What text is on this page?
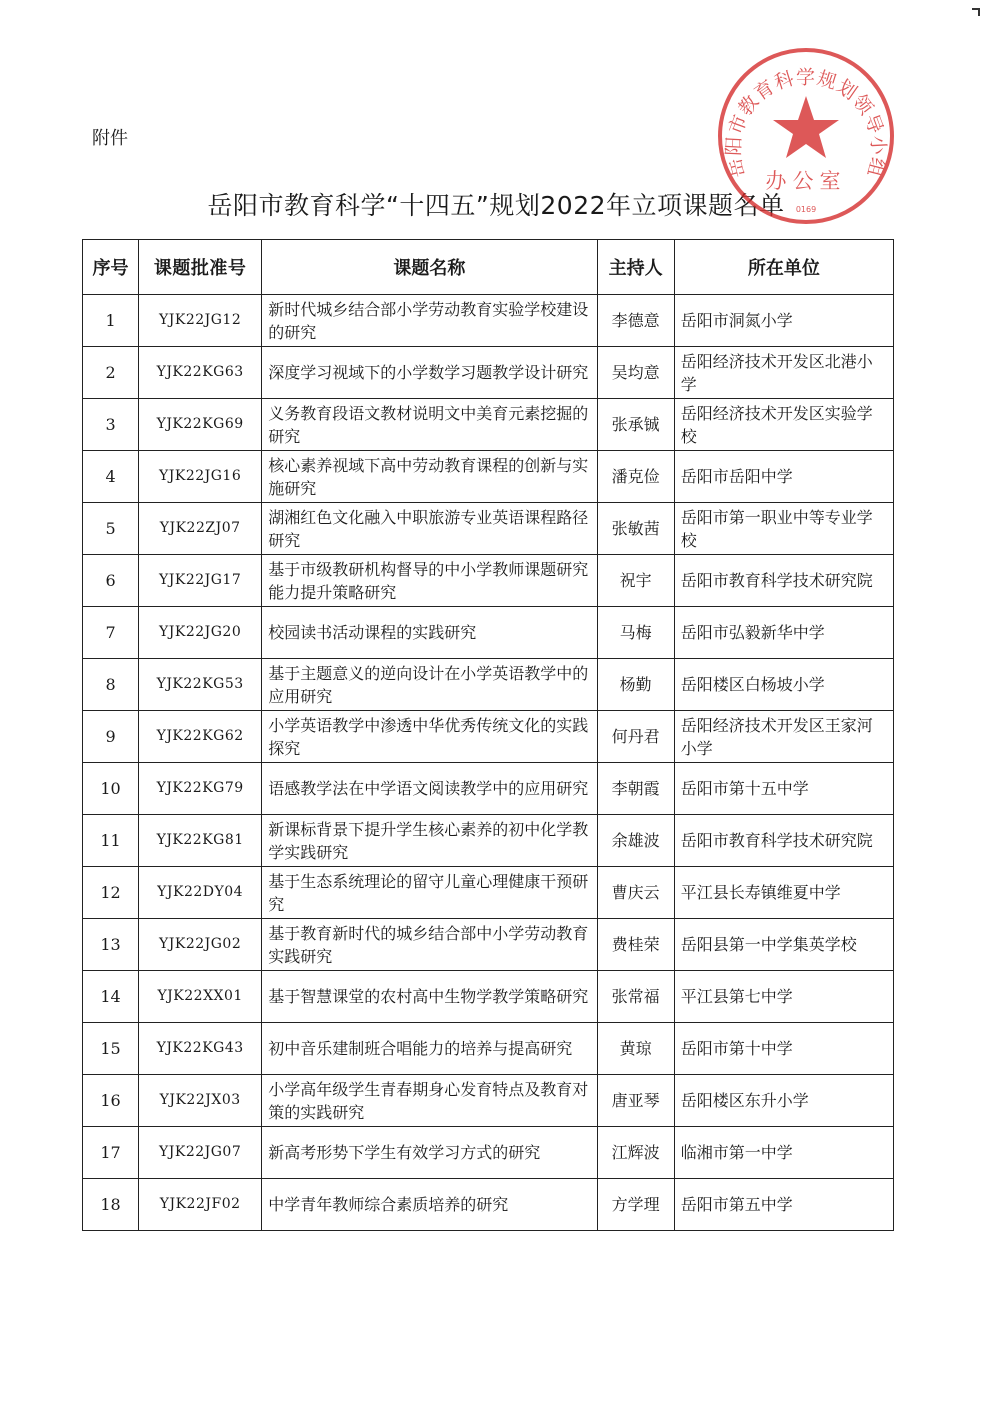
附件
岳阳市教育科学“十四五”规划2022年立项课题名单
岳阳市教育科学规划领导小组
办公室
0169
序号	课题批准号	课题名称	主持人	所在单位
1	YJK22JG12	新时代城乡结合部小学劳动教育实验学校建设的研究	李德意	岳阳市洞氮小学
2	YJK22KG63	深度学习视域下的小学数学习题教学设计研究	吴均意	岳阳经济技术开发区北港小学
3	YJK22KG69	义务教育段语文教材说明文中美育元素挖掘的研究	张承铖	岳阳经济技术开发区实验学校
4	YJK22JG16	核心素养视域下高中劳动教育课程的创新与实施研究	潘克俭	岳阳市岳阳中学
5	YJK22ZJ07	湖湘红色文化融入中职旅游专业英语课程路径研究	张敏茜	岳阳市第一职业中等专业学校
6	YJK22JG17	基于市级教研机构督导的中小学教师课题研究能力提升策略研究	祝宇	岳阳市教育科学技术研究院
7	YJK22JG20	校园读书活动课程的实践研究	马梅	岳阳市弘毅新华中学
8	YJK22KG53	基于主题意义的逆向设计在小学英语教学中的应用研究	杨勤	岳阳楼区白杨坡小学
9	YJK22KG62	小学英语教学中渗透中华优秀传统文化的实践探究	何丹君	岳阳经济技术开发区王家河小学
10	YJK22KG79	语感教学法在中学语文阅读教学中的应用研究	李朝霞	岳阳市第十五中学
11	YJK22KG81	新课标背景下提升学生核心素养的初中化学教学实践研究	余雄波	岳阳市教育科学技术研究院
12	YJK22DY04	基于生态系统理论的留守儿童心理健康干预研究	曹庆云	平江县长寿镇维夏中学
13	YJK22JG02	基于教育新时代的城乡结合部中小学劳动教育实践研究	费桂荣	岳阳县第一中学集英学校
14	YJK22XX01	基于智慧课堂的农村高中生物学教学策略研究	张常福	平江县第七中学
15	YJK22KG43	初中音乐建制班合唱能力的培养与提高研究	黄琼	岳阳市第十中学
16	YJK22JX03	小学高年级学生青春期身心发育特点及教育对策的实践研究	唐亚琴	岳阳楼区东升小学
17	YJK22JG07	新高考形势下学生有效学习方式的研究	江辉波	临湘市第一中学
18	YJK22JF02	中学青年教师综合素质培养的研究	方学理	岳阳市第五中学
